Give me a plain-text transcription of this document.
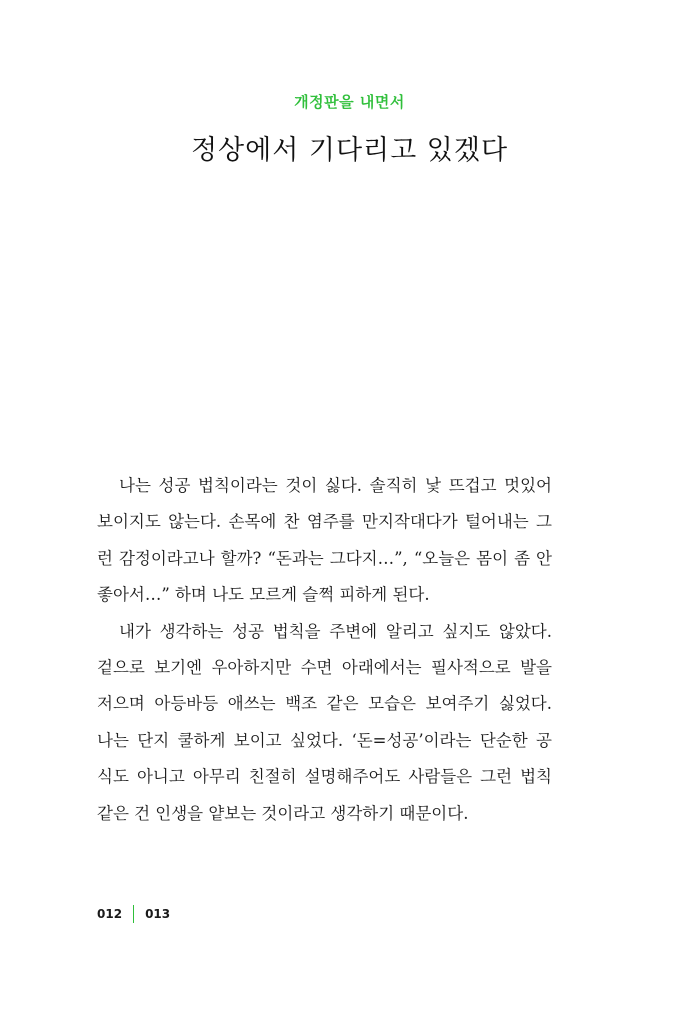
개정판을 내면서
정상에서 기다리고 있겠다
나는 성공 법칙이라는 것이 싫다. 솔직히 낯 뜨겁고 멋있어
보이지도 않는다. 손목에 찬 염주를 만지작대다가 털어내는 그
런 감정이라고나 할까? “돈과는 그다지…”, “오늘은 몸이 좀 안
좋아서…” 하며 나도 모르게 슬쩍 피하게 된다.
내가 생각하는 성공 법칙을 주변에 알리고 싶지도 않았다.
겉으로 보기엔 우아하지만 수면 아래에서는 필사적으로 발을
저으며 아등바등 애쓰는 백조 같은 모습은 보여주기 싫었다.
나는 단지 쿨하게 보이고 싶었다. ‘돈=성공’이라는 단순한 공
식도 아니고 아무리 친절히 설명해주어도 사람들은 그런 법칙
같은 건 인생을 얕보는 것이라고 생각하기 때문이다.
012 013
